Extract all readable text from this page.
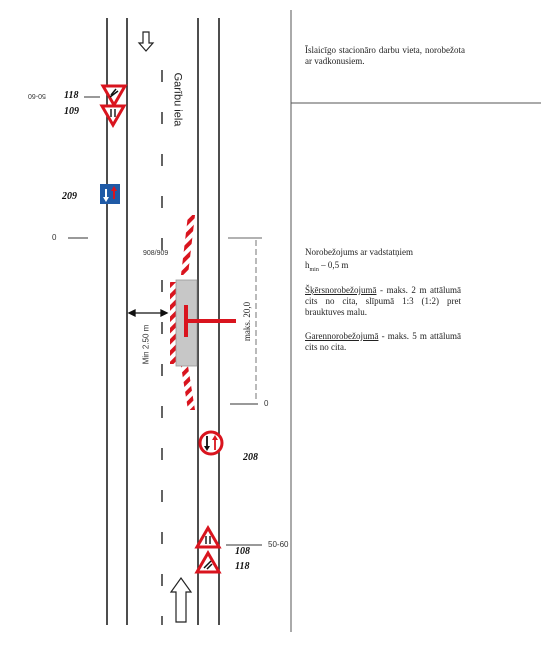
Garību iela
50-60
0
908/909
Min 2.50 m
maks. 20,0
0
50-60
118
109
209
208
108
118
Īslaicīgo stacionāro darbu vieta, norobežota ar vadkonusiem.
Norobežojums ar vadstatņiem
$h_{min} - 0,5$ m
Šķērsnorobežojumā - maks. 2 m attālumā cits no cita, slīpumā 1:3 (1:2) pret brauktuves malu.
Garennorobežojumā - maks. 5 m attālumā cits no cita.
